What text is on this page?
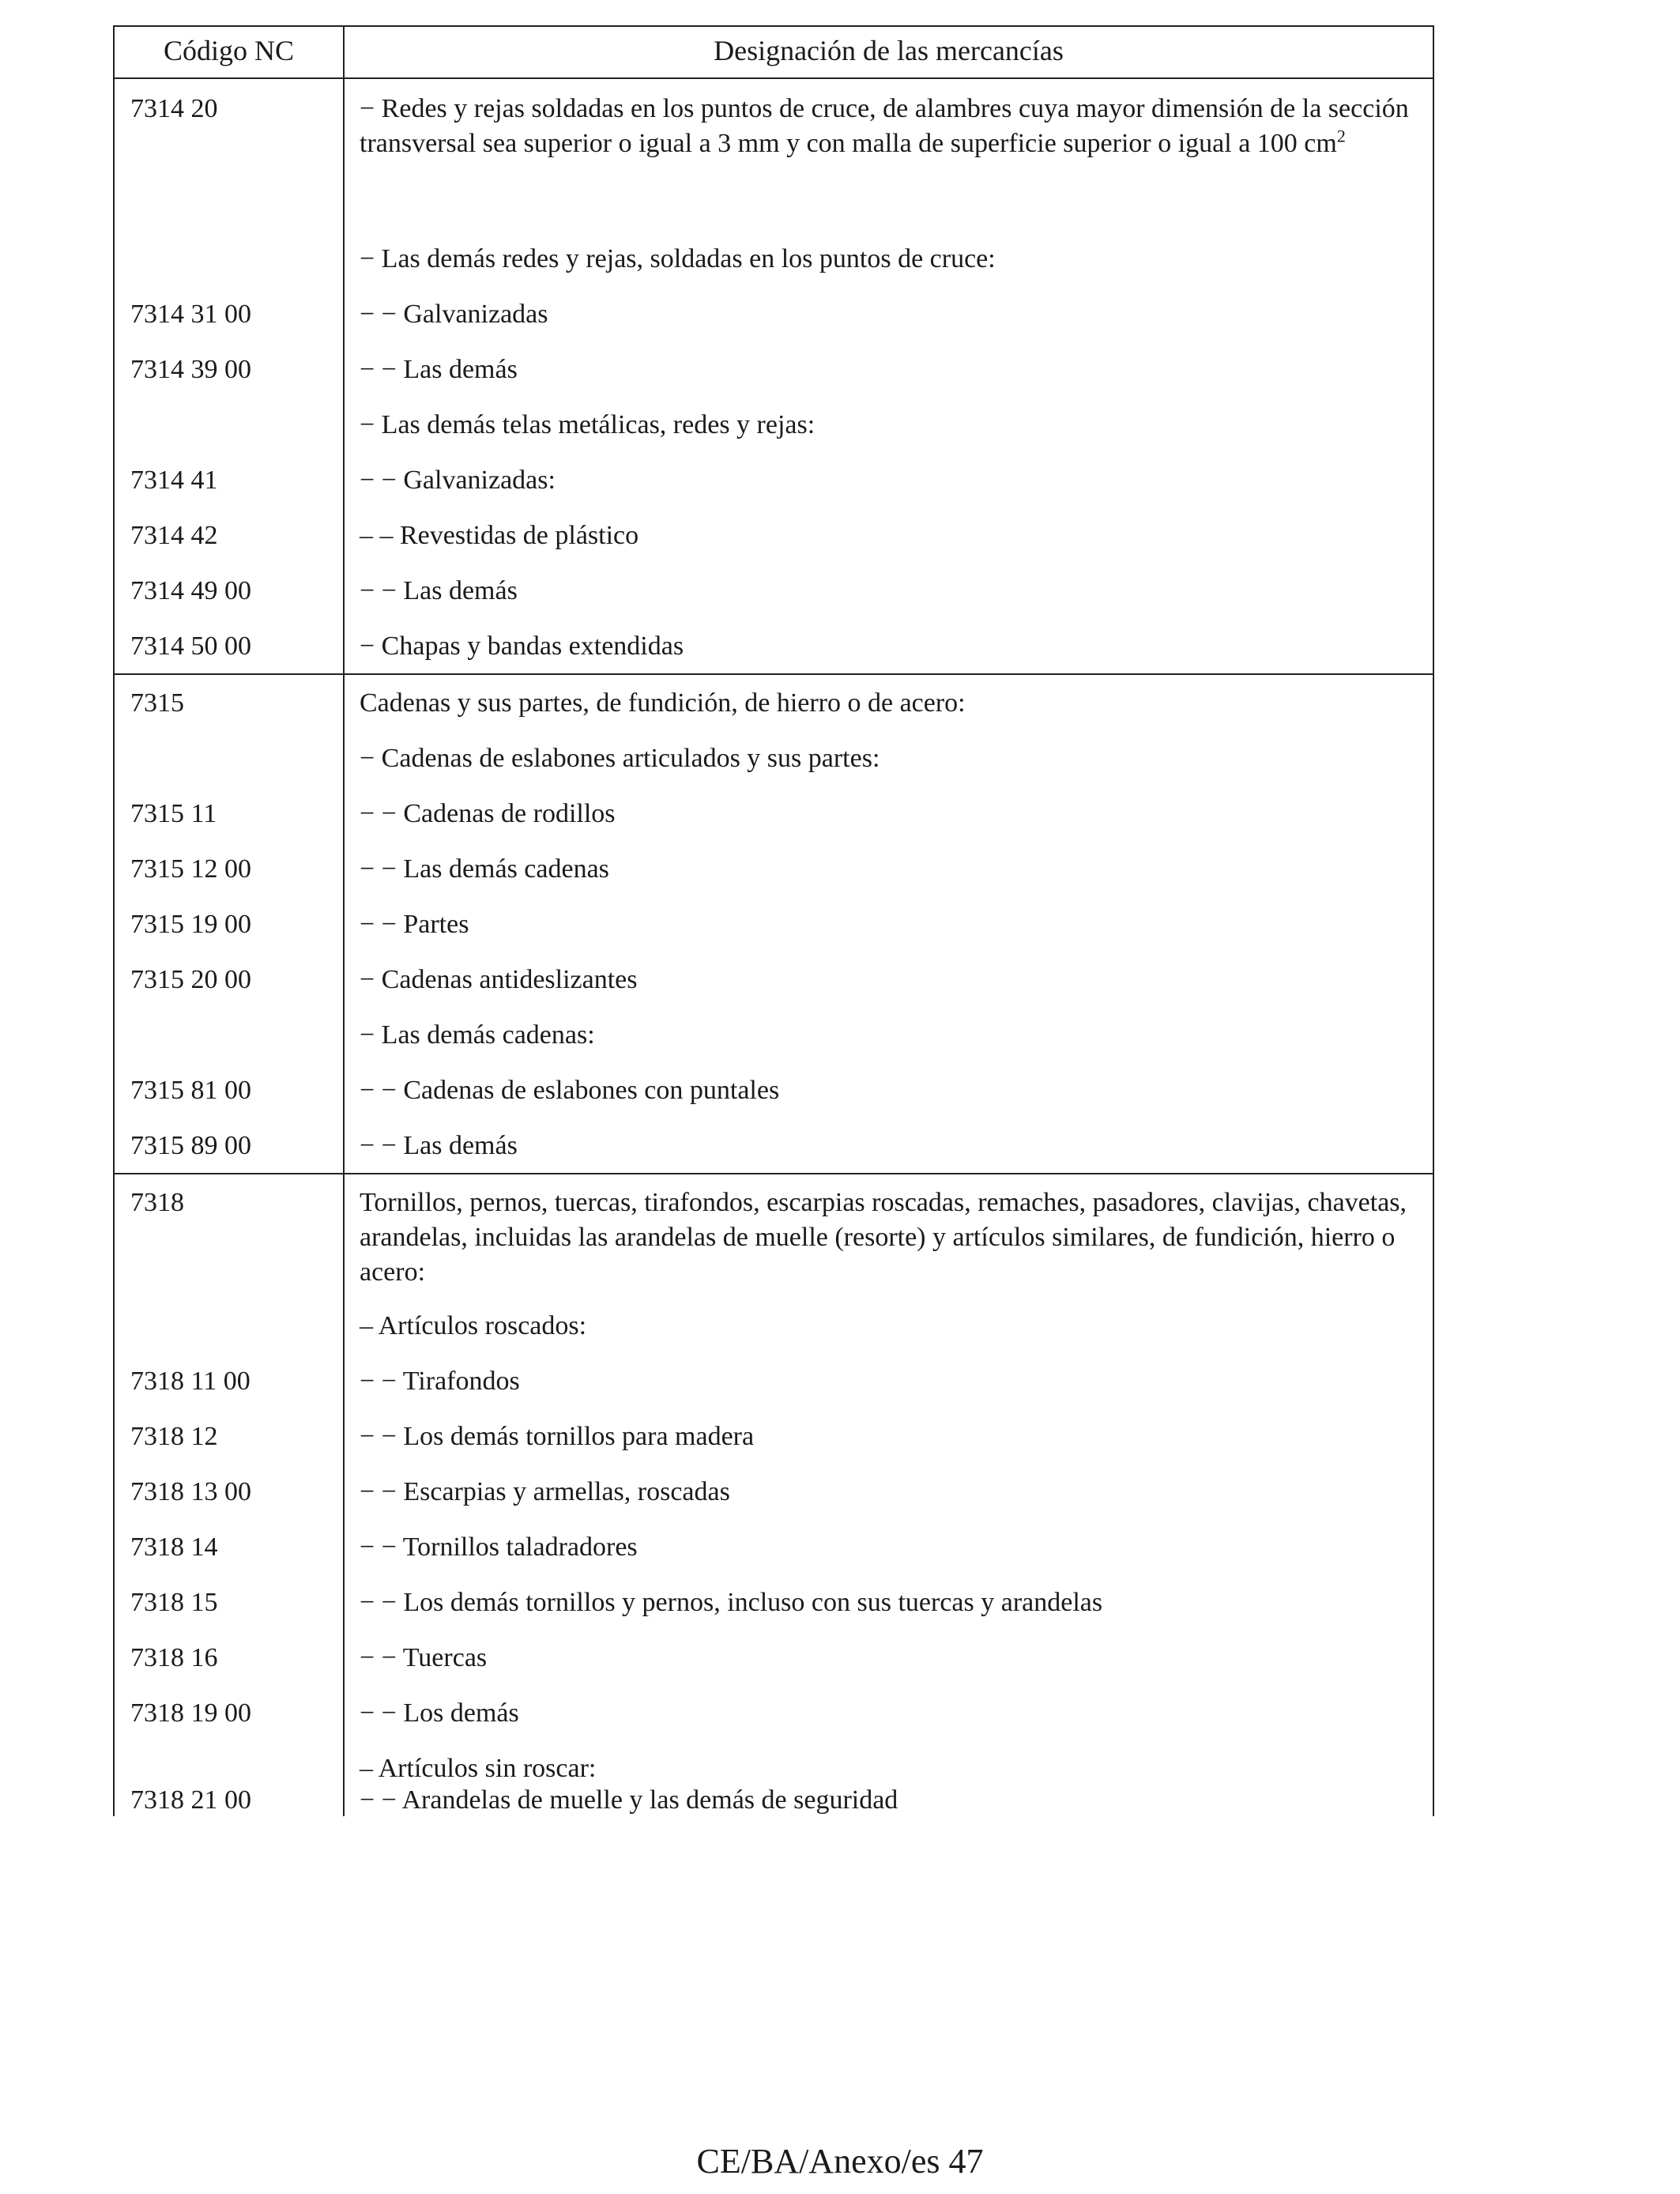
Código NC	Designación de las mercancías
7314 20	− Redes y rejas soldadas en los puntos de cruce, de alambres cuya mayor dimensión de la sección transversal sea superior o igual a 3 mm y con malla de superficie superior o igual a 100 $cm^2$
− Las demás redes y rejas, soldadas en los puntos de cruce:
7314 31 00	− − Galvanizadas
7314 39 00	− − Las demás
− Las demás telas metálicas, redes y rejas:
7314 41	− − Galvanizadas:
7314 42	– – Revestidas de plástico
7314 49 00	− − Las demás
7314 50 00	− Chapas y bandas extendidas
7315	Cadenas y sus partes, de fundición, de hierro o de acero:
− Cadenas de eslabones articulados y sus partes:
7315 11	− − Cadenas de rodillos
7315 12 00	− − Las demás cadenas
7315 19 00	− − Partes
7315 20 00	− Cadenas antideslizantes
− Las demás cadenas:
7315 81 00	− − Cadenas de eslabones con puntales
7315 89 00	− − Las demás
7318	Tornillos, pernos, tuercas, tirafondos, escarpias roscadas, remaches, pasadores, clavijas, chavetas, arandelas, incluidas las arandelas de muelle (resorte) y artículos similares, de fundición, hierro o acero:
– Artículos roscados:
7318 11 00	− − Tirafondos
7318 12	− − Los demás tornillos para madera
7318 13 00	− − Escarpias y armellas, roscadas
7318 14	− − Tornillos taladradores
7318 15	− − Los demás tornillos y pernos, incluso con sus tuercas y arandelas
7318 16	− − Tuercas
7318 19 00	− − Los demás
– Artículos sin roscar:
7318 21 00	− − Arandelas de muelle y las demás de seguridad
CE/BA/Anexo/es 47
